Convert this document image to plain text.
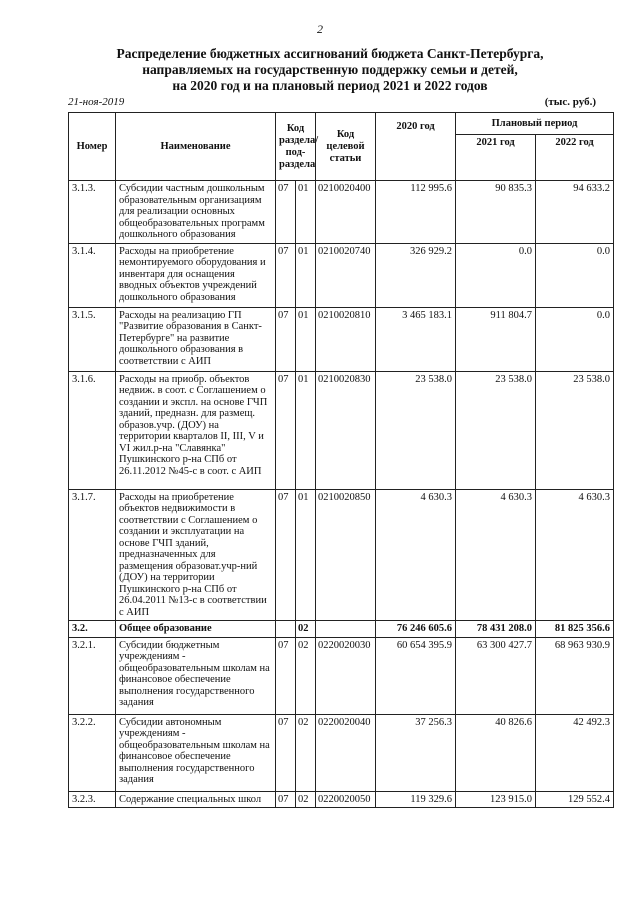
2
Распределение бюджетных ассигнований бюджета Санкт-Петербурга,
направляемых на государственную поддержку семьи и детей,
на 2020 год и на плановый период 2021 и 2022 годов
21-ноя-2019	(тыс. руб.)
Номер	Наименование	Код раздела/ под-раздела		Код целевой статьи	2020 год	Плановый период	
						2021 год	2022 год
3.1.3.	Субсидии частным дошкольным образовательным организациям для реализации основных общеобразовательных программ дошкольного образования	07	01	0210020400	112 995.6	90 835.3	94 633.2
3.1.4.	Расходы на приобретение немонтируемого оборудования и инвентаря для оснащения вводных объектов учреждений дошкольного образования	07	01	0210020740	326 929.2	0.0	0.0
3.1.5.	Расходы на реализацию ГП "Развитие образования в Санкт-Петербурге" на развитие дошкольного образования в соответствии с АИП	07	01	0210020810	3 465 183.1	911 804.7	0.0
3.1.6.	Расходы на приобр. объектов недвиж. в соот. с Соглашением о создании и экспл. на основе ГЧП зданий, предназн. для размещ. образов.учр. (ДОУ) на территории кварталов II, III, V и VI жил.р-на "Славянка" Пушкинского р-на СПб от 26.11.2012 №45-с в соот. с АИП	07	01	0210020830	23 538.0	23 538.0	23 538.0
3.1.7.	Расходы на приобретение объектов недвижимости в соответствии с Соглашением о создании и эксплуатации на основе ГЧП зданий, предназначенных для размещения образоват.учр-ний (ДОУ) на территории Пушкинского р-на СПб от 26.04.2011 №13-с в соответствии с АИП	07	01	0210020850	4 630.3	4 630.3	4 630.3
3.2.	Общее образование		02		76 246 605.6	78 431 208.0	81 825 356.6
3.2.1.	Субсидии бюджетным учреждениям - общеобразовательным школам на финансовое обеспечение выполнения государственного задания	07	02	0220020030	60 654 395.9	63 300 427.7	68 963 930.9
3.2.2.	Субсидии автономным учреждениям - общеобразовательным школам на финансовое обеспечение выполнения государственного задания	07	02	0220020040	37 256.3	40 826.6	42 492.3
3.2.3.	Содержание специальных школ	07	02	0220020050	119 329.6	123 915.0	129 552.4
